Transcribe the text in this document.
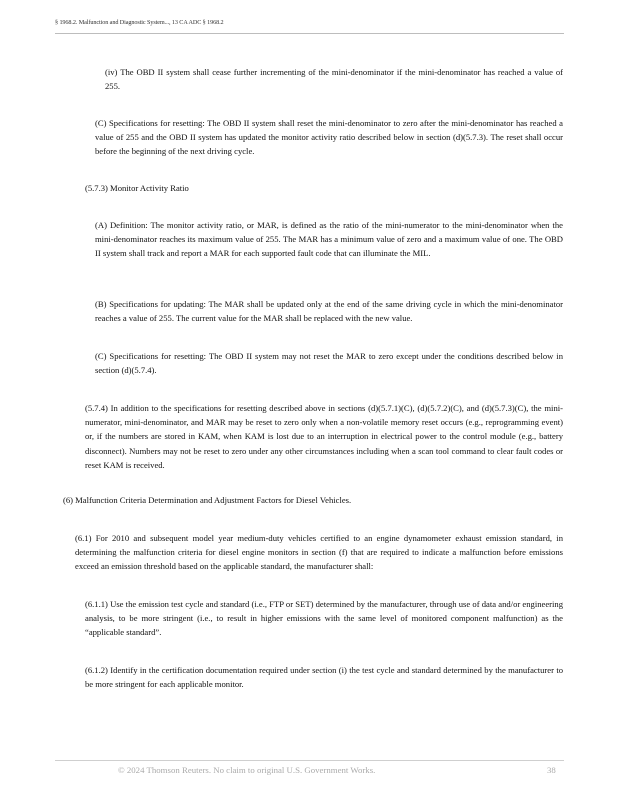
§ 1968.2. Malfunction and Diagnostic System..., 13 CA ADC § 1968.2

(iv) The OBD II system shall cease further incrementing of the mini-denominator if the mini-denominator has reached a value of 255.

(C) Specifications for resetting: The OBD II system shall reset the mini-denominator to zero after the mini-denominator has reached a value of 255 and the OBD II system has updated the monitor activity ratio described below in section (d)(5.7.3). The reset shall occur before the beginning of the next driving cycle.

(5.7.3) Monitor Activity Ratio

(A) Definition: The monitor activity ratio, or MAR, is defined as the ratio of the mini-numerator to the mini-denominator when the mini-denominator reaches its maximum value of 255. The MAR has a minimum value of zero and a maximum value of one. The OBD II system shall track and report a MAR for each supported fault code that can illuminate the MIL.

(B) Specifications for updating: The MAR shall be updated only at the end of the same driving cycle in which the mini-denominator reaches a value of 255. The current value for the MAR shall be replaced with the new value.

(C) Specifications for resetting: The OBD II system may not reset the MAR to zero except under the conditions described below in section (d)(5.7.4).

(5.7.4) In addition to the specifications for resetting described above in sections (d)(5.7.1)(C), (d)(5.7.2)(C), and (d)(5.7.3)(C), the mini-numerator, mini-denominator, and MAR may be reset to zero only when a non-volatile memory reset occurs (e.g., reprogramming event) or, if the numbers are stored in KAM, when KAM is lost due to an interruption in electrical power to the control module (e.g., battery disconnect). Numbers may not be reset to zero under any other circumstances including when a scan tool command to clear fault codes or reset KAM is received.

(6) Malfunction Criteria Determination and Adjustment Factors for Diesel Vehicles.

(6.1) For 2010 and subsequent model year medium-duty vehicles certified to an engine dynamometer exhaust emission standard, in determining the malfunction criteria for diesel engine monitors in section (f) that are required to indicate a malfunction before emissions exceed an emission threshold based on the applicable standard, the manufacturer shall:

(6.1.1) Use the emission test cycle and standard (i.e., FTP or SET) determined by the manufacturer, through use of data and/or engineering analysis, to be more stringent (i.e., to result in higher emissions with the same level of monitored component malfunction) as the “applicable standard”.

(6.1.2) Identify in the certification documentation required under section (i) the test cycle and standard determined by the manufacturer to be more stringent for each applicable monitor.

© 2024 Thomson Reuters. No claim to original U.S. Government Works.	38
